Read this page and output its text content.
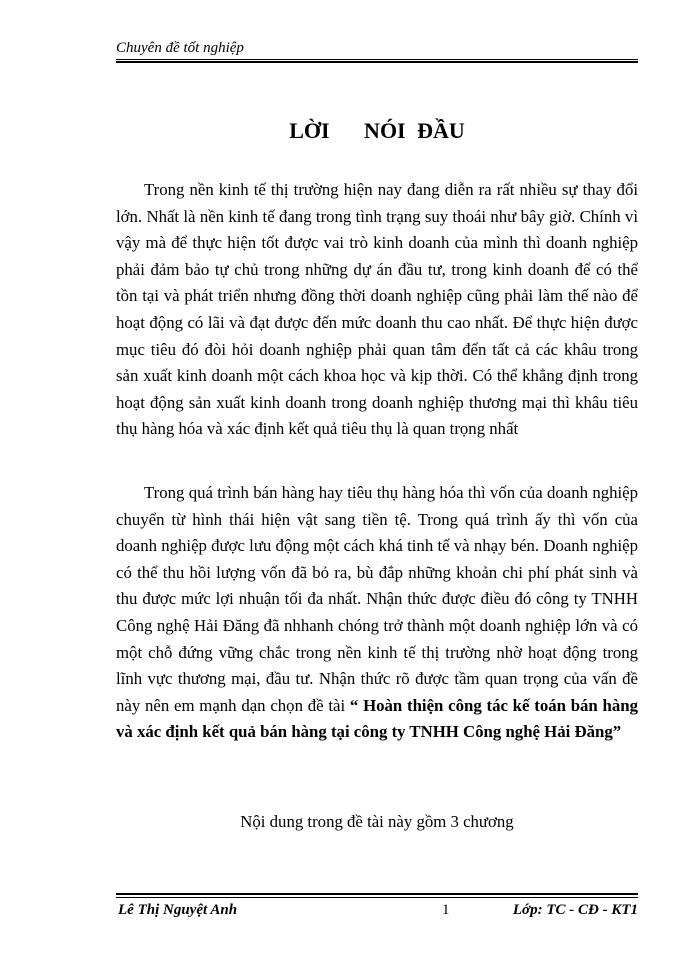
Chuyên đề tốt nghiệp
LỜI   NÓI ĐẦU

Trong nền kinh tế thị trường hiện nay đang diễn ra rất nhiều sự thay đổi lớn. Nhất là nền kinh tế đang trong tình trạng suy thoái như bây giờ. Chính vì vậy mà để thực hiện tốt được vai trò kinh doanh của mình thì doanh nghiệp phải đảm bảo tự chủ trong những dự án đầu tư, trong kinh doanh để có thể tồn tại và phát triển nhưng đồng thời doanh nghiệp cũng phải làm thế nào để hoạt động có lãi và đạt được đến mức doanh thu cao nhất. Để thực hiện được mục tiêu đó đòi hỏi doanh nghiệp phải quan tâm đến tất cả các khâu trong sản xuất kinh doanh một cách khoa học và kịp thời. Có thể khẳng định trong hoạt động sản xuất kinh doanh trong doanh nghiệp thương mại thì khâu tiêu thụ hàng hóa và xác định kết quả tiêu thụ là quan trọng nhất

Trong quá trình bán hàng hay tiêu thụ hàng hóa thì vốn của doanh nghiệp chuyển từ hình thái hiện vật sang tiền tệ. Trong quá trình ấy thì vốn của doanh nghiệp được lưu động một cách khá tinh tế và nhạy bén. Doanh nghiệp có thể thu hồi lượng vốn đã bỏ ra, bù đắp những khoản chi phí phát sinh và thu được mức lợi nhuận tối đa nhất. Nhận thức được điều đó công ty TNHH Công nghệ Hải Đăng đã nhhanh chóng trở thành một doanh nghiệp lớn và có một chỗ đứng vững chắc trong nền kinh tế thị trường nhờ hoạt động trong lĩnh vực thương mại, đầu tư. Nhận thức rõ được tầm quan trọng của vấn đề này nên em mạnh dạn chọn đề tài “ Hoàn thiện công tác kế toán bán hàng và xác định kết quả bán hàng tại công ty TNHH Công nghệ Hải Đăng”

Nội dung trong đề tài này gồm 3 chương
Lê Thị Nguyệt Anh	1	Lớp: TC - CĐ - KT1
